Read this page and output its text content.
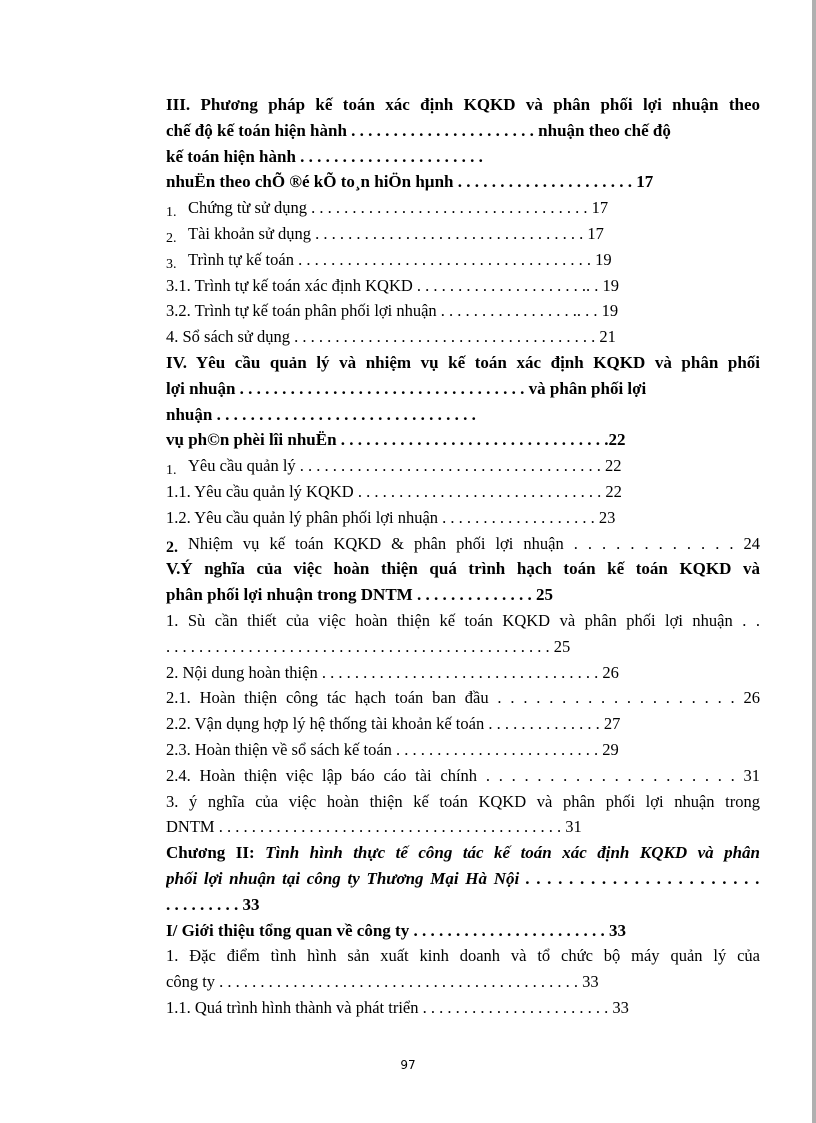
III. Phương pháp kế toán xác định KQKD và phân phối lợi nhuận theo
chế độ kế toán hiện hành . . . . . . . . . . . . . . . . . . . . . . nhuận theo chế độ
kế toán hiện hành . . . . . . . . . . . . . . . . . . . . . .
nhuËn theo chÕ ®é kÕ to¸n hiÖn hµnh . . . . . . . . . . . . . . . . . . . . . 17
1. Chứng từ sử dụng . . . . . . . . . . . . . . . . . . . . . . . . . . . . . . . . . . 17
2. Tài khoản sử dụng . . . . . . . . . . . . . . . . . . . . . . . . . . . . . . . . . 17
3. Trình tự kế toán . . . . . . . . . . . . . . . . . . . . . . . . . . . . . . . . . . . . 19
3.1. Trình tự kế toán xác định KQKD . . . . . . . . . . . . . . . . . . . . .. . 19
3.2. Trình tự kế toán phân phối lợi nhuận . . . . . . . . . . . . . . . . .. . . 19
4. Sổ sách sử dụng . . . . . . . . . . . . . . . . . . . . . . . . . . . . . . . . . . . . . 21
IV. Yêu cầu quản lý và nhiệm vụ kế toán xác định KQKD và phân phối
lợi nhuận . . . . . . . . . . . . . . . . . . . . . . . . . . . . . . . . . . và phân phối lợi
nhuận . . . . . . . . . . . . . . . . . . . . . . . . . . . . . . .
vụ ph©n phèi lîi nhuËn . . . . . . . . . . . . . . . . . . . . . . . . . . . . . . . .22
1. Yêu cầu quản lý . . . . . . . . . . . . . . . . . . . . . . . . . . . . . . . . . . . . . 22
1.1. Yêu cầu quản lý KQKD . . . . . . . . . . . . . . . . . . . . . . . . . . . . . . 22
1.2. Yêu cầu quản lý phân phối lợi nhuận . . . . . . . . . . . . . . . . . . . 23
2. Nhiệm vụ kế toán KQKD & phân phối lợi nhuận . . . . . . . . . . . . 24
V.Ý nghĩa của việc hoàn thiện quá trình hạch toán kế toán KQKD và
phân phối lợi nhuận trong DNTM . . . . . . . . . . . . . . 25
1. Sù cần thiết của việc hoàn thiện kế toán KQKD và phân phối lợi nhuận . .
. . . . . . . . . . . . . . . . . . . . . . . . . . . . . . . . . . . . . . . . . . . . . . . 25
2. Nội dung hoàn thiện . . . . . . . . . . . . . . . . . . . . . . . . . . . . . . . . . . 26
2.1. Hoàn thiện công tác hạch toán ban đầu . . . . . . . . . . . . . . . . . . . 26
2.2. Vận dụng hợp lý hệ thống tài khoản kế toán . . . . . . . . . . . . . . 27
2.3. Hoàn thiện về sổ sách kế toán . . . . . . . . . . . . . . . . . . . . . . . . . 29
2.4. Hoàn thiện việc lập báo cáo tài chính . . . . . . . . . . . . . . . . . . . . 31
3. ý nghĩa của việc hoàn thiện kế toán KQKD và phân phối lợi nhuận trong
DNTM . . . . . . . . . . . . . . . . . . . . . . . . . . . . . . . . . . . . . . . . . . 31
Chương II: Tình hình thực tế công tác kế toán xác định KQKD và phân
phối lợi nhuận tại công ty Thương Mại Hà Nội . . . . . . . . . . . . . . . . . . . . . .
. . . . . . . . . 33
I/ Giới thiệu tổng quan về công ty . . . . . . . . . . . . . . . . . . . . . . . 33
1. Đặc điểm tình hình sản xuất kinh doanh và tổ chức bộ máy quản lý của
công ty . . . . . . . . . . . . . . . . . . . . . . . . . . . . . . . . . . . . . . . . . . . . 33
1.1. Quá trình hình thành và phát triển . . . . . . . . . . . . . . . . . . . . . . . 33
97
